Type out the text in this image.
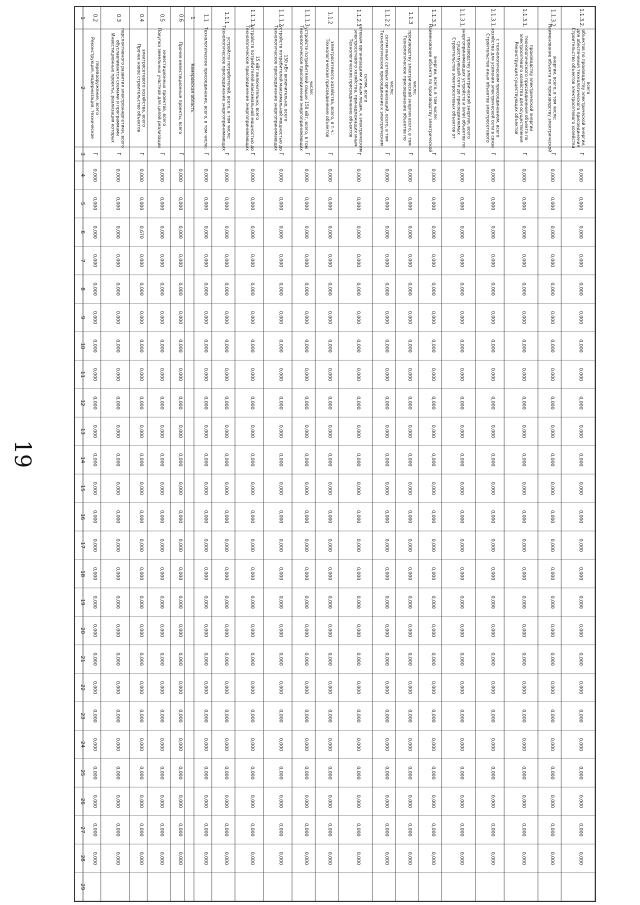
19
1
2
3
4
5
6
7
8
9
10
11
12
13
14
15
16
17
18
19
20
21
22
23
24
25
26
27
28
29
0.2
Реконструкция, модернизация, техническоеперевооружение, всего
Г
0,000
0,000
0,000
0,000
0,000
0,000
0,000
0,000
0,000
0,000
0,000
0,000
0,000
0,000
0,000
0,000
0,000
0,000
0,000
0,000
0,000
0,000
0,000
0,000
0,000
0.3
Инвестиционные проекты, реализация которыхобуславливается схемами и программамиперспективного развития электроэнергетики, всего
Г
0,000
0,000
0,000
0,000
0,000
0,000
0,000
0,000
0,000
0,000
0,000
0,000
0,000
0,000
0,000
0,000
0,000
0,000
0,000
0,000
0,000
0,000
0,000
0,000
0,000
0.4
Прочее новое строительство объектовэлектросетевого хозяйства, всего
Г
0,000
0,000
0,670
0,000
0,000
0,000
0,000
0,000
0,000
0,000
0,000
0,000
0,000
0,000
0,000
0,000
0,000
0,000
0,000
0,000
0,000
0,000
0,000
0,000
0,000
0.5
Покупка земельных участков для целей реализацииинвестиционных проектов, всего
Г
0,000
0,000
0,000
0,000
0,000
0,000
0,000
0,000
0,000
0,000
0,000
0,000
0,000
0,000
0,000
0,000
0,000
0,000
0,000
0,000
0,000
0,000
0,000
0,000
0,000
0.6
Прочие инвестиционные проекты, всего
Г
0,000
0,000
0,000
0,000
0,000
0,000
0,000
0,000
0,000
0,000
0,000
0,000
0,000
0,000
0,000
0,000
0,000
0,000
0,000
0,000
0,000
0,000
0,000
0,000
0,000
1
Кемеровская область
1.1
Технологическое присоединение, всего, в том числе:
Г
0,000
0,000
0,000
0,000
0,000
0,000
0,000
0,000
0,000
0,000
0,000
0,000
0,000
0,000
0,000
0,000
0,000
0,000
0,000
0,000
0,000
0,000
0,000
0,000
0,000
1.1.1
Технологическое присоединение энергопринимающихустройств потребителей, всего, в том числе:
Г
0,000
0,000
0,000
0,000
0,000
0,000
0,000
0,000
0,000
0,000
0,000
0,000
0,000
0,000
0,000
0,000
0,000
0,000
0,000
0,000
0,000
0,000
0,000
0,000
0,000
1.1.1.1
Технологическое присоединение энергопринимающихустройств потребителей максимальной мощностью до15 кВт включительно, всего
Г
0,000
0,000
0,000
0,000
0,000
0,000
0,000
0,000
0,000
0,000
0,000
0,000
0,000
0,000
0,000
0,000
0,000
0,000
0,000
0,000
0,000
0,000
0,000
0,000
0,000
1.1.1.2
Технологическое присоединение энергопринимающихустройств потребителей максимальной мощностью до150 кВт включительно, всего
Г
0,000
0,000
0,000
0,000
0,000
0,000
0,000
0,000
0,000
0,000
0,000
0,000
0,000
0,000
0,000
0,000
0,000
0,000
0,000
0,000
0,000
0,000
0,000
0,000
0,000
1.1.1.3
Технологическое присоединение энергопринимающихустройств потребителей свыше 150 кВт, всего, в томчисле:
Г
0,000
0,000
0,000
0,000
0,000
0,000
0,000
0,000
0,000
0,000
0,000
0,000
0,000
0,000
0,000
0,000
0,000
0,000
0,000
0,000
0,000
0,000
0,000
0,000
0,000
1.1.2
Технологическое присоединение объектовэлектросетевого хозяйства, всего, в т.ч.:
Г
0,000
0,000
0,000
0,000
0,000
0,000
0,000
0,000
0,000
0,000
0,000
0,000
0,000
0,000
0,000
0,000
0,000
0,000
0,000
0,000
0,000
0,000
0,000
0,000
0,000
1.1.2.1
Технологическое присоединение объектовэлектросетевого хозяйства, принадлежащих инымсетевым организациям и иным лицам, к электрическимсетям, всего
Г
0,000
0,000
0,000
0,000
0,000
0,000
0,000
0,000
0,000
0,000
0,000
0,000
0,000
0,000
0,000
0,000
0,000
0,000
0,000
0,000
0,000
0,000
0,000
0,000
0,000
1.1.2.2
Технологическое присоединение к электрическимсетям иных сетевых организаций, всего, в томчисле:
Г
0,000
0,000
0,000
0,000
0,000
0,000
0,000
0,000
0,000
0,000
0,000
0,000
0,000
0,000
0,000
0,000
0,000
0,000
0,000
0,000
0,000
0,000
0,000
0,000
0,000
1.1.3
Технологическое присоединение объектов попроизводству электрической энергии всего, в томчисле:
Г
0,000
0,000
0,000
0,000
0,000
0,000
0,000
0,000
0,000
0,000
0,000
0,000
0,000
0,000
0,000
0,000
0,000
0,000
0,000
0,000
0,000
0,000
0,000
0,000
0,000
1.1.3.1
Наименование объекта по производству электрическойэнергии, всего, в том числе:
Г
0,000
0,000
0,000
0,000
0,000
0,000
0,000
0,000
0,000
0,000
0,000
0,000
0,000
0,000
0,000
0,000
0,000
0,000
0,000
0,000
0,000
0,000
0,000
0,000
0,000
1.1.3.1.
Строительство электросетевых объектов отсуществующей сети до присоединяемыхэнергопринимающих устройств и (или) объектов попроизводству электрической энергии, всего
Г
0,000
0,000
0,000
0,000
0,000
0,000
0,000
0,000
0,000
0,000
0,000
0,000
0,000
0,000
0,000
0,000
0,000
0,000
0,000
0,000
0,000
0,000
0,000
0,000
0,000
1.1.3.1.
Строительство иных объектов электросетевогохозяйства для усиления электрической сети в связис технологическим присоединением, всего
Г
0,000
0,000
0,000
0,000
0,000
0,000
0,000
0,000
0,000
0,000
0,000
0,000
0,000
0,000
0,000
0,000
0,000
0,000
0,000
0,000
0,000
0,000
0,000
0,000
0,000
1.1.3.1.
Реконструкция существующих объектовэлектросетевого хозяйства для осуществлениятехнологического присоединения объекта попроизводству электрической энергии
Г
0,000
0,000
0,000
0,000
0,000
0,000
0,000
0,000
0,000
0,000
0,000
0,000
0,000
0,000
0,000
0,000
0,000
0,000
0,000
0,000
0,000
0,000
0,000
0,000
0,000
1.1.3.2
Наименование объекта по производству электрическойэнергии, всего, в том числе:
Г
0,000
0,000
0,000
0,000
0,000
0,000
0,000
0,000
0,000
0,000
0,000
0,000
0,000
0,000
0,000
0,000
0,000
0,000
0,000
0,000
0,000
0,000
0,000
0,000
0,000
1.1.3.2.
Строительство объектов электросетевого хозяйствадля обеспечения технологического присоединенияобъектов по производству электрической энергии,всего
Г
0,000
0,000
0,000
0,000
0,000
0,000
0,000
0,000
0,000
0,000
0,000
0,000
0,000
0,000
0,000
0,000
0,000
0,000
0,000
0,000
0,000
0,000
0,000
0,000
0,000
